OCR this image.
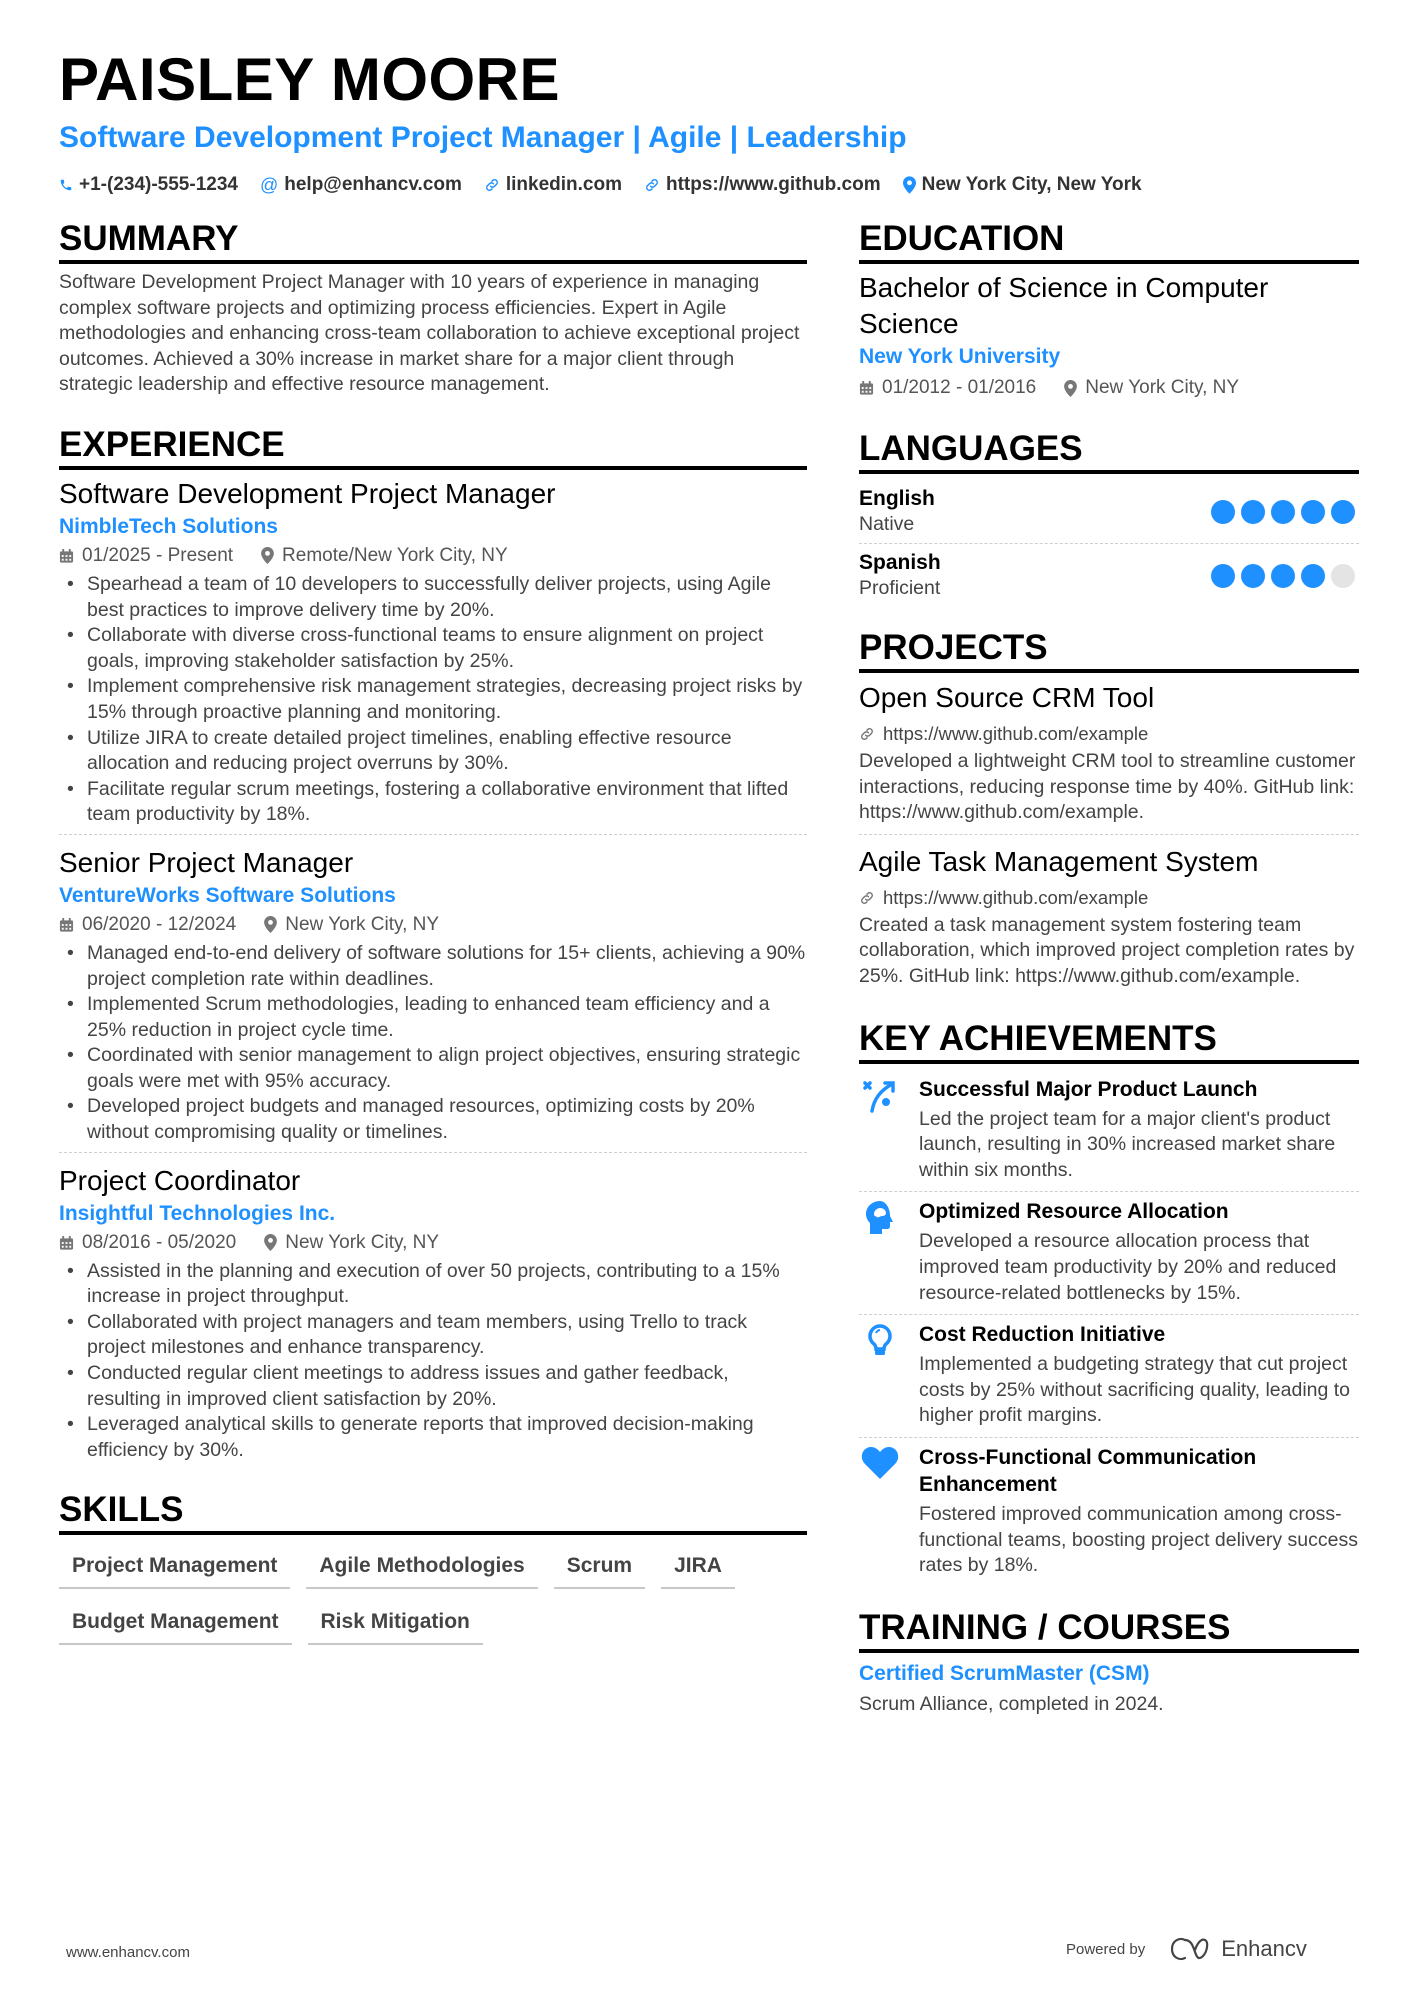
PAISLEY MOORE
Software Development Project Manager | Agile | Leadership
+1-(234)-555-1234 @ help@enhancv.com linkedin.com https://www.github.com New York City, New York
SUMMARY
Software Development Project Manager with 10 years of experience in managing complex software projects and optimizing process efficiencies. Expert in Agile methodologies and enhancing cross-team collaboration to achieve exceptional project outcomes. Achieved a 30% increase in market share for a major client through strategic leadership and effective resource management.
EXPERIENCE
Software Development Project Manager
NimbleTech Solutions
01/2025 - Present	Remote/New York City, NY
• Spearhead a team of 10 developers to successfully deliver projects, using Agile best practices to improve delivery time by 20%.
• Collaborate with diverse cross-functional teams to ensure alignment on project goals, improving stakeholder satisfaction by 25%.
• Implement comprehensive risk management strategies, decreasing project risks by 15% through proactive planning and monitoring.
• Utilize JIRA to create detailed project timelines, enabling effective resource allocation and reducing project overruns by 30%.
• Facilitate regular scrum meetings, fostering a collaborative environment that lifted team productivity by 18%.
Senior Project Manager
VentureWorks Software Solutions
06/2020 - 12/2024	New York City, NY
• Managed end-to-end delivery of software solutions for 15+ clients, achieving a 90% project completion rate within deadlines.
• Implemented Scrum methodologies, leading to enhanced team efficiency and a 25% reduction in project cycle time.
• Coordinated with senior management to align project objectives, ensuring strategic goals were met with 95% accuracy.
• Developed project budgets and managed resources, optimizing costs by 20% without compromising quality or timelines.
Project Coordinator
Insightful Technologies Inc.
08/2016 - 05/2020	New York City, NY
• Assisted in the planning and execution of over 50 projects, contributing to a 15% increase in project throughput.
• Collaborated with project managers and team members, using Trello to track project milestones and enhance transparency.
• Conducted regular client meetings to address issues and gather feedback, resulting in improved client satisfaction by 20%.
• Leveraged analytical skills to generate reports that improved decision-making efficiency by 30%.
SKILLS
Project Management	Agile Methodologies	Scrum	JIRA
Budget Management	Risk Mitigation
EDUCATION
Bachelor of Science in Computer Science
New York University
01/2012 - 01/2016	New York City, NY
LANGUAGES
English
Native
Spanish
Proficient
PROJECTS
Open Source CRM Tool
https://www.github.com/example
Developed a lightweight CRM tool to streamline customer interactions, reducing response time by 40%. GitHub link: https://www.github.com/example.
Agile Task Management System
https://www.github.com/example
Created a task management system fostering team collaboration, which improved project completion rates by 25%. GitHub link: https://www.github.com/example.
KEY ACHIEVEMENTS
Successful Major Product Launch
Led the project team for a major client's product launch, resulting in 30% increased market share within six months.
Optimized Resource Allocation
Developed a resource allocation process that improved team productivity by 20% and reduced resource-related bottlenecks by 15%.
Cost Reduction Initiative
Implemented a budgeting strategy that cut project costs by 25% without sacrificing quality, leading to higher profit margins.
Cross-Functional Communication Enhancement
Fostered improved communication among cross-functional teams, boosting project delivery success rates by 18%.
TRAINING / COURSES
Certified ScrumMaster (CSM)
Scrum Alliance, completed in 2024.
www.enhancv.com	Powered by	Enhancv
